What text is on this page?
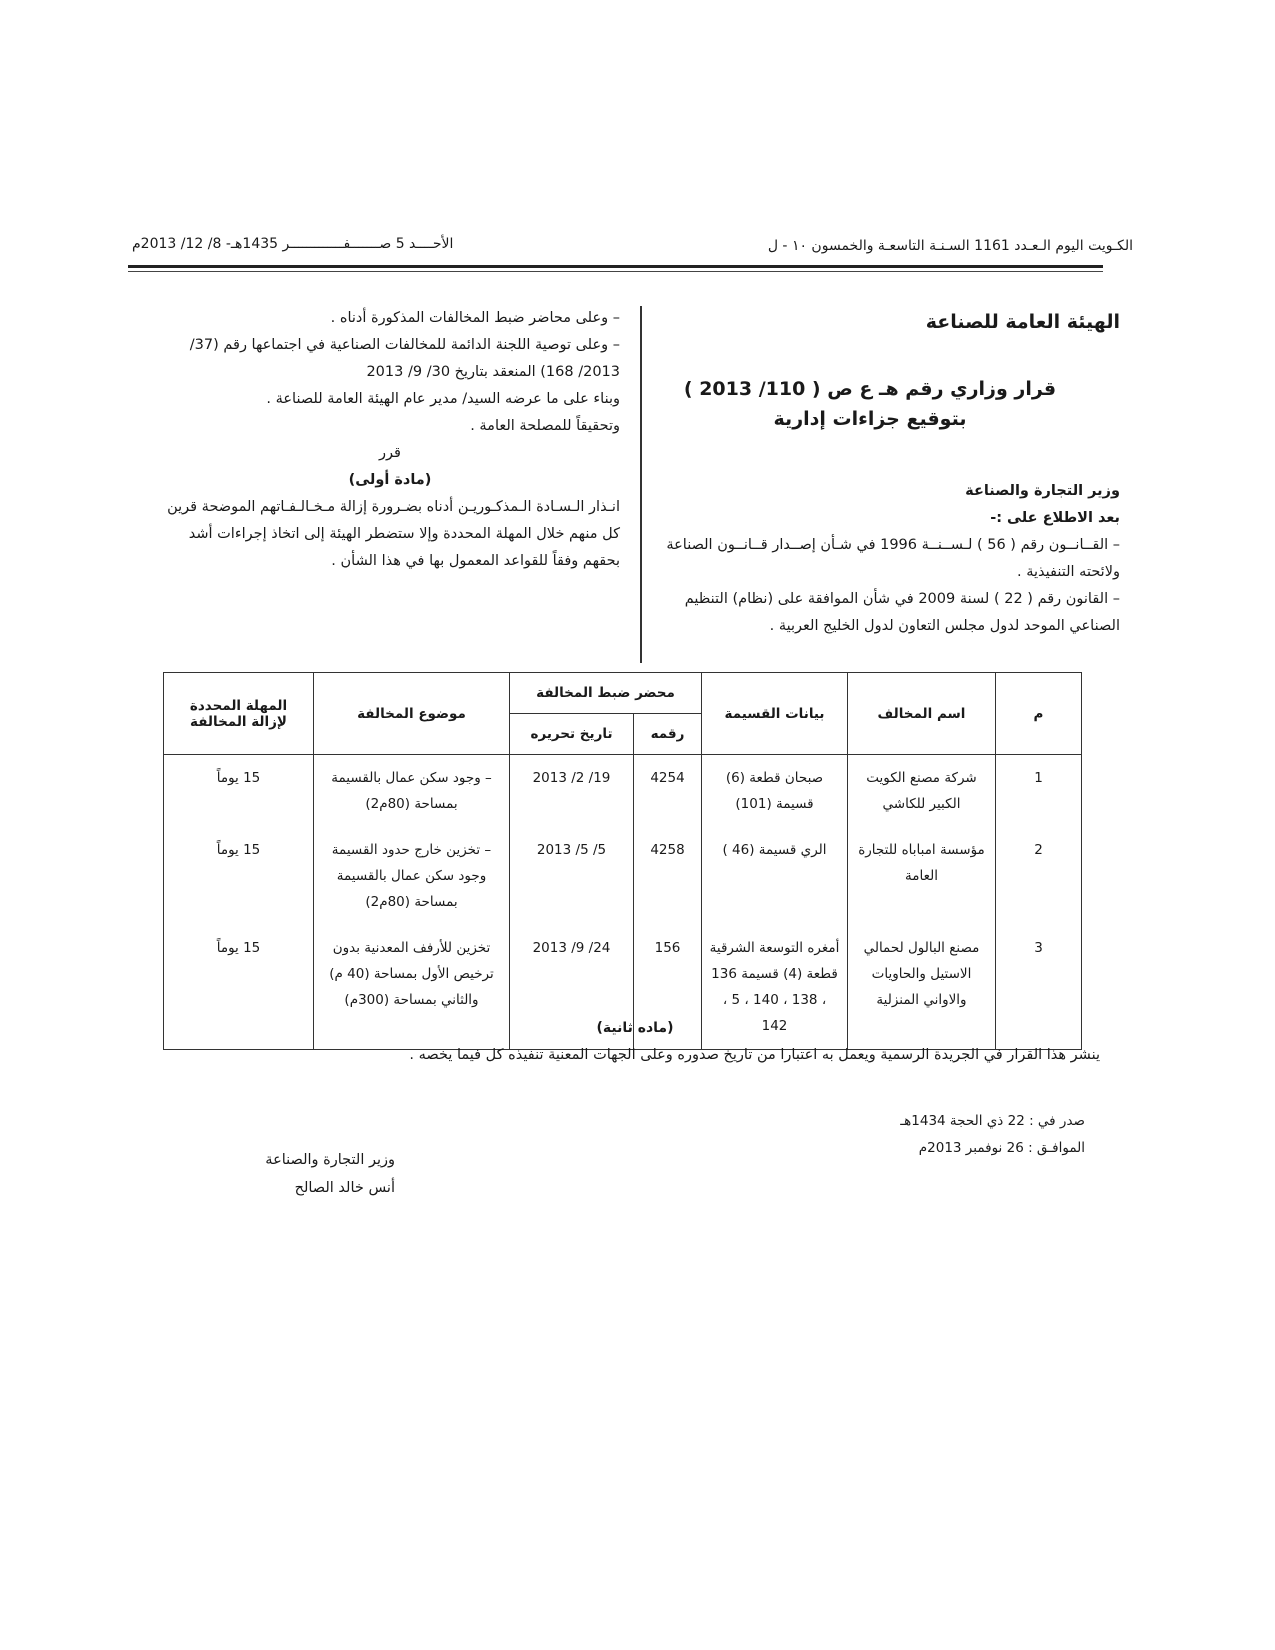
الأحــــد 5 صـــــــفـــــــــــــر 1435هـ- 8/ 12/ 2013م	الكـويت اليوم الـعـدد 1161 السـنـة التاسعـة والخمسون ١٠ - ل
الهيئة العامة للصناعة
قرار وزاري رقم هـ ع ص ( 110/ 2013 )
بتوقيع جزاءات إدارية
وزير التجارة والصناعة
بعد الاطلاع على :-

– القــانــون رقم ( 56 ) لـســنــة 1996 في شـأن إصــدار قــانــون الصناعة ولائحته التنفيذية .

– القانون رقم ( 22 ) لسنة 2009 في شأن الموافقة على (نظام) التنظيم الصناعي الموحد لدول مجلس التعاون لدول الخليج العربية .

– وعلى محاضر ضبط المخالفات المذكورة أدناه .

– وعلى توصية اللجنة الدائمة للمخالفات الصناعية في اجتماعها رقم (37/ 2013/ 168) المنعقد بتاريخ 30/ 9/ 2013

وبناء على ما عرضه السيد/ مدير عام الهيئة العامة للصناعة .

وتحقيقاً للمصلحة العامة .

قرر
(مادة أولى)

انـذار الـسـادة الـمذكـوريـن أدناه بضـرورة إزالة مـخـالـفـاتهم الموضحة قرين كل منهم خلال المهلة المحددة وإلا ستضطر الهيئة إلى اتخاذ إجراءات أشد بحقهم وفقاً للقواعد المعمول بها في هذا الشأن .

م	اسم المخالف	بيانات القسيمة	محضر ضبط المخالفة		موضوع المخالفة	المهلة المحددة لإزالة المخالفة
			رقمه	تاريخ تحريره		
1	شركة مصنع الكويت الكبير للكاشي	صبحان قطعة (6) قسيمة (101)	4254	19/ 2/ 2013	– وجود سكن عمال بالقسيمة بمساحة (80م2)	15 يوماً
2	مؤسسة امباباه للتجارة العامة	الري قسيمة (46 )	4258	5/ 5/ 2013	– تخزين خارج حدود القسيمة وجود سكن عمال بالقسيمة بمساحة (80م2)	15 يوماً
3	مصنع البالول لحمالي الاستيل والحاويات والاواني المنزلية	أمغره التوسعة الشرقية قطعة (4) قسيمة 136 ، 138 ، 140 ، 5 ، 142	156	24/ 9/ 2013	تخزين للأرفف المعدنية بدون ترخيص الأول بمساحة (40 م) والثاني بمساحة (300م)	15 يوماً
(ماده ثانية)
ينشر هذا القرار في الجريدة الرسمية ويعمل به اعتبارا من تاريخ صدوره وعلى الجهات المعنية تنفيذه كل فيما يخصه .
صدر في : 22 ذي الحجة 1434هـ
الموافـق : 26 نوفمبر 2013م
وزير التجارة والصناعة
أنس خالد الصالح
